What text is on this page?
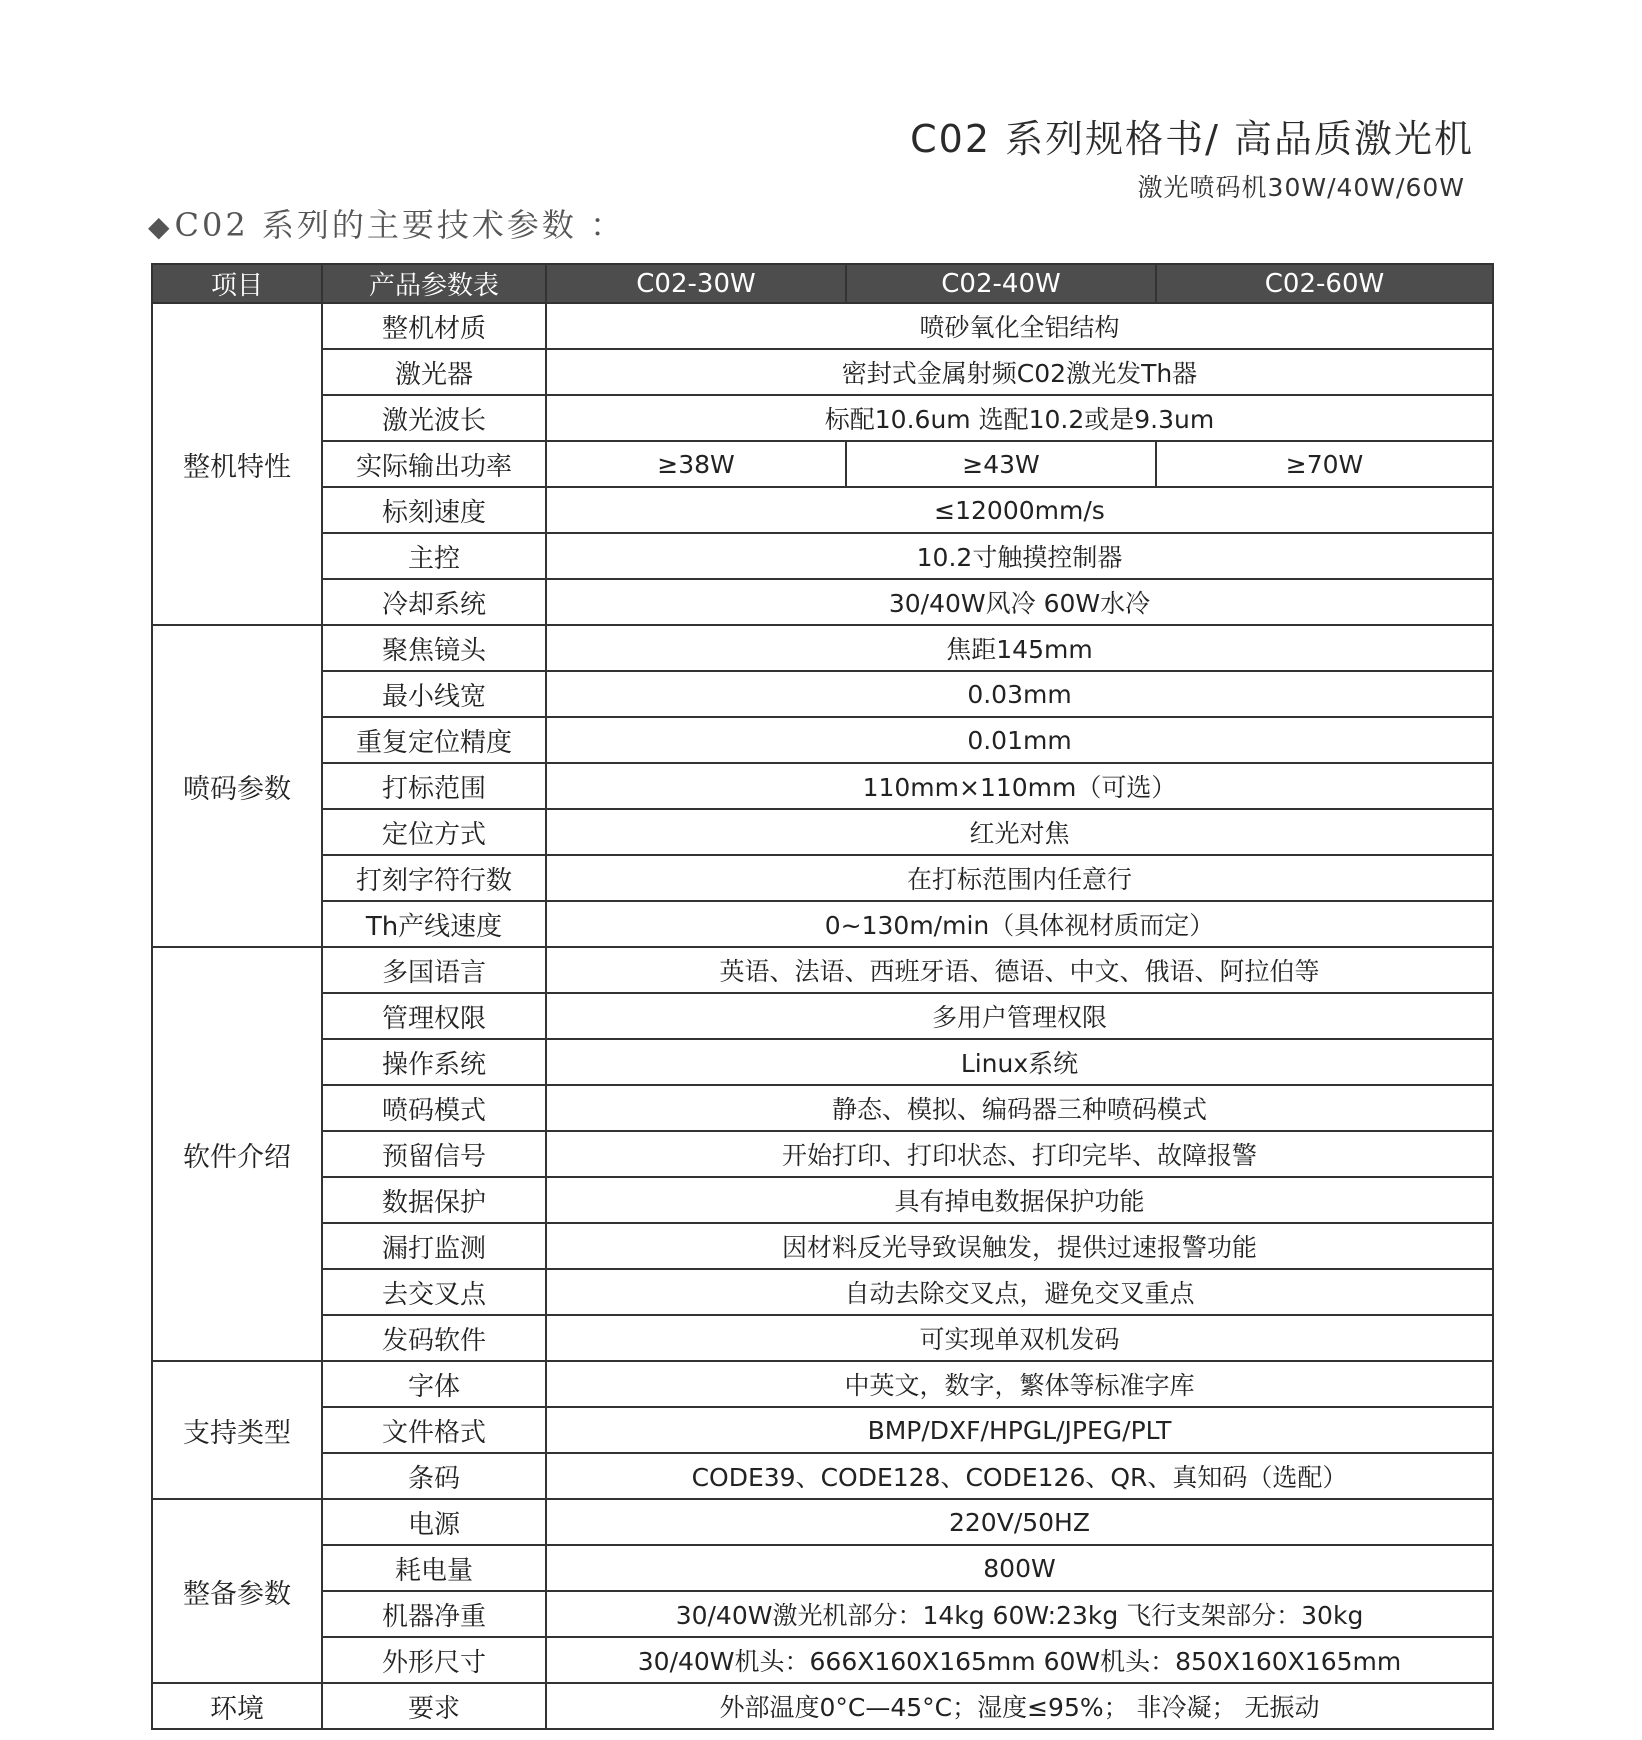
C02 系列规格书/ 高品质激光机
激光喷码机30W/40W/60W
◆C02 系列的主要技术参数 ：
项目	产品参数表	C02-30W	C02-40W	C02-60W
整机特性	整机材质	喷砂氧化全铝结构		
	激光器	密封式金属射频C02激光发Th器		
	激光波长	标配10.6um 选配10.2或是9.3um		
	实际输出功率	≥38W	≥43W	≥70W
	标刻速度	≤12000mm/s		
	主控	10.2寸触摸控制器		
	冷却系统	30/40W风冷 60W水冷		
喷码参数	聚焦镜头	焦距145mm		
	最小线宽	0.03mm		
	重复定位精度	0.01mm		
	打标范围	110mm×110mm（可选）		
	定位方式	红光对焦		
	打刻字符行数	在打标范围内任意行		
	Th产线速度	0~130m/min（具体视材质而定）		
软件介绍	多国语言	英语、法语、西班牙语、德语、中文、俄语、阿拉伯等		
	管理权限	多用户管理权限		
	操作系统	Linux系统		
	喷码模式	静态、模拟、编码器三种喷码模式		
	预留信号	开始打印、打印状态、打印完毕、故障报警		
	数据保护	具有掉电数据保护功能		
	漏打监测	因材料反光导致误触发，提供过速报警功能		
	去交叉点	自动去除交叉点，避免交叉重点		
	发码软件	可实现单双机发码		
支持类型	字体	中英文，数字，繁体等标准字库		
	文件格式	BMP/DXF/HPGL/JPEG/PLT		
	条码	CODE39、CODE128、CODE126、QR、真知码（选配）		
整备参数	电源	220V/50HZ		
	耗电量	800W		
	机器净重	30/40W激光机部分：14kg 60W:23kg 飞行支架部分：30kg		
	外形尺寸	30/40W机头：666X160X165mm 60W机头：850X160X165mm		
环境	要求	外部温度0°C—45°C；湿度≤95%； 非冷凝； 无振动		
